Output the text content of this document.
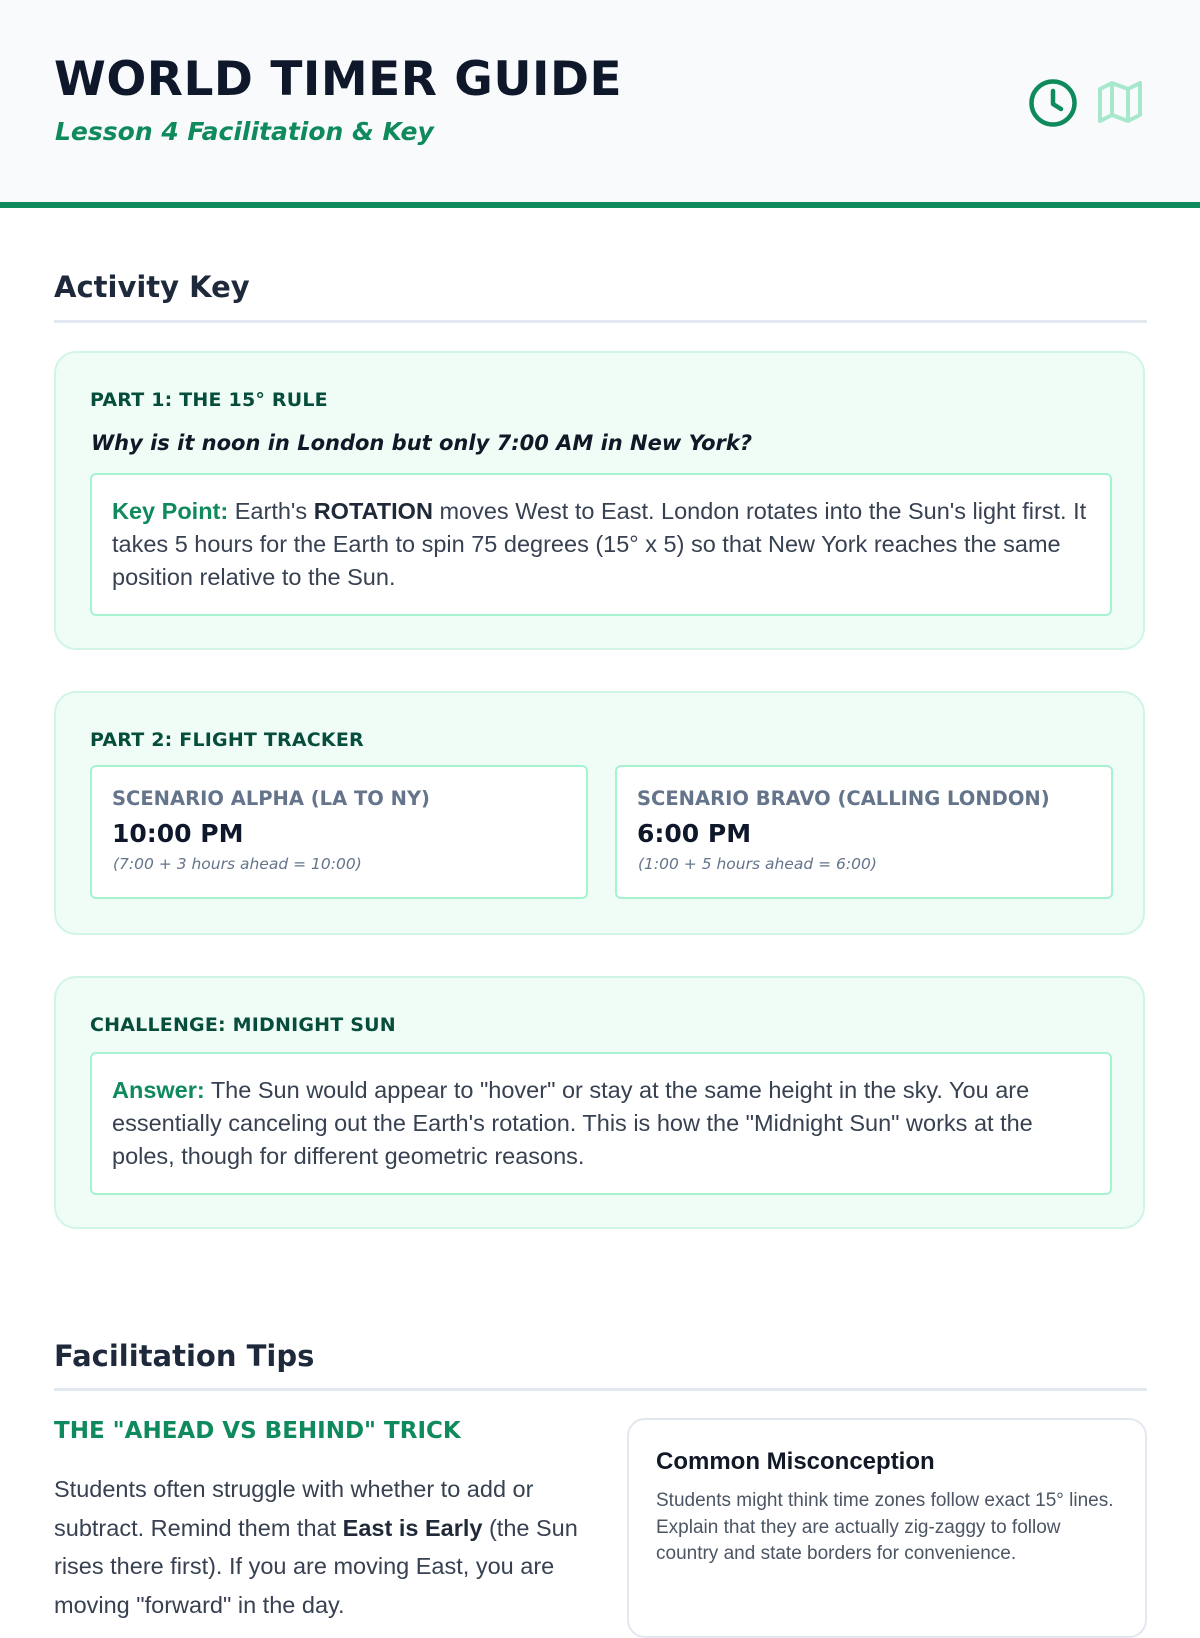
WORLD TIMER GUIDE
Lesson 4 Facilitation & Key
Activity Key
PART 1: THE 15° RULE
Why is it noon in London but only 7:00 AM in New York?
Key Point: Earth's ROTATION moves West to East. London rotates into the Sun's light first. It takes 5 hours for the Earth to spin 75 degrees (15° x 5) so that New York reaches the same position relative to the Sun.
PART 2: FLIGHT TRACKER
SCENARIO ALPHA (LA TO NY)
10:00 PM
(7:00 + 3 hours ahead = 10:00)
SCENARIO BRAVO (CALLING LONDON)
6:00 PM
(1:00 + 5 hours ahead = 6:00)
CHALLENGE: MIDNIGHT SUN
Answer: The Sun would appear to "hover" or stay at the same height in the sky. You are essentially canceling out the Earth's rotation. This is how the "Midnight Sun" works at the poles, though for different geometric reasons.
Facilitation Tips
THE "AHEAD VS BEHIND" TRICK
Students often struggle with whether to add or subtract. Remind them that East is Early (the Sun rises there first). If you are moving East, you are moving "forward" in the day.
Common Misconception
Students might think time zones follow exact 15° lines. Explain that they are actually zig-zaggy to follow country and state borders for convenience.
